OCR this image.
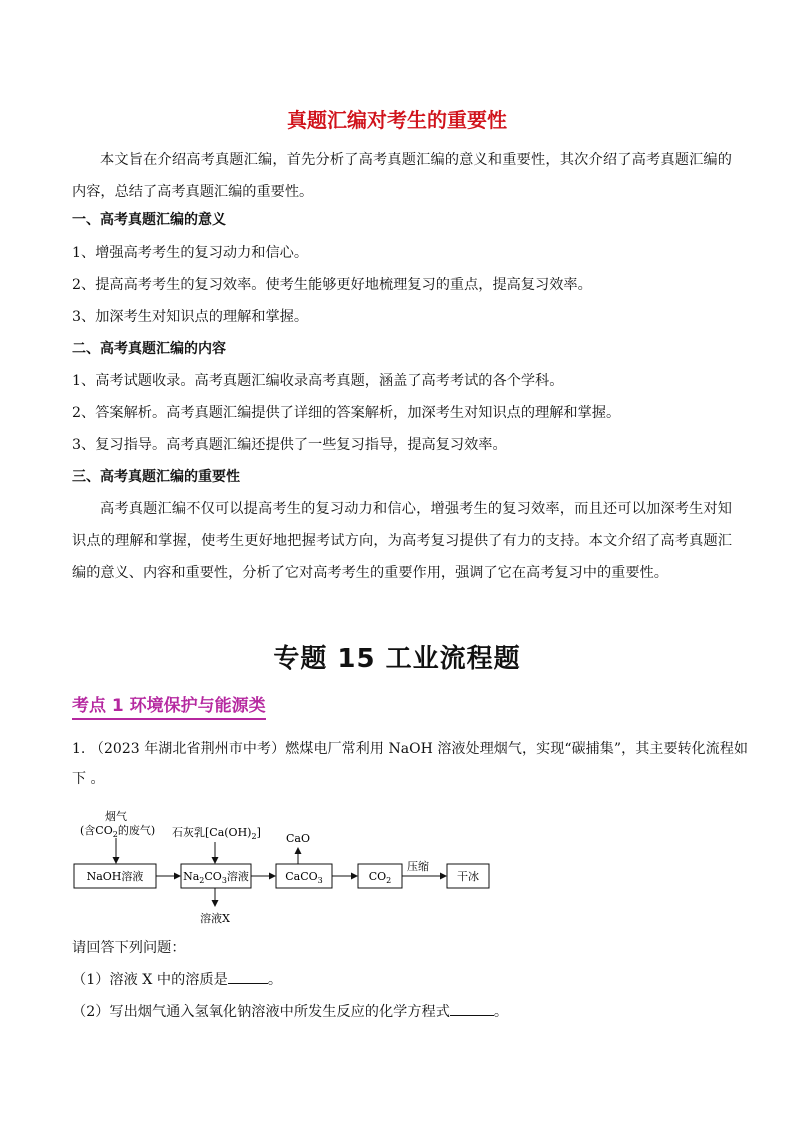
真题汇编对考生的重要性
本文旨在介绍高考真题汇编，首先分析了高考真题汇编的意义和重要性，其次介绍了高考真题汇编的内容，总结了高考真题汇编的重要性。
一、高考真题汇编的意义
1、增强高考考生的复习动力和信心。
2、提高高考考生的复习效率。使考生能够更好地梳理复习的重点，提高复习效率。
3、加深考生对知识点的理解和掌握。
二、高考真题汇编的内容
1、高考试题收录。高考真题汇编收录高考真题，涵盖了高考考试的各个学科。
2、答案解析。高考真题汇编提供了详细的答案解析，加深考生对知识点的理解和掌握。
3、复习指导。高考真题汇编还提供了一些复习指导，提高复习效率。
三、高考真题汇编的重要性
高考真题汇编不仅可以提高考生的复习动力和信心，增强考生的复习效率，而且还可以加深考生对知识点的理解和掌握，使考生更好地把握考试方向，为高考复习提供了有力的支持。本文介绍了高考真题汇编的意义、内容和重要性，分析了它对高考考生的重要作用，强调了它在高考复习中的重要性。
专题 15 工业流程题
考点 1 环境保护与能源类
1. （2023 年湖北省荆州市中考）燃煤电厂常利用 NaOH 溶液处理烟气，实现“碳捕集”，其主要转化流程如下 。
烟气
(含$CO_2$的废气) 石灰乳$[Ca(OH)_2]$ CaO
NaOH溶液	$Na_2CO_3$溶液
溶液X
CaCO$_3$	$CO_2$
压缩
干冰
请回答下列问题：
（1）溶液 X 中的溶质是	。
（2）写出烟气通入氢氧化钠溶液中所发生反应的化学方程式	。
